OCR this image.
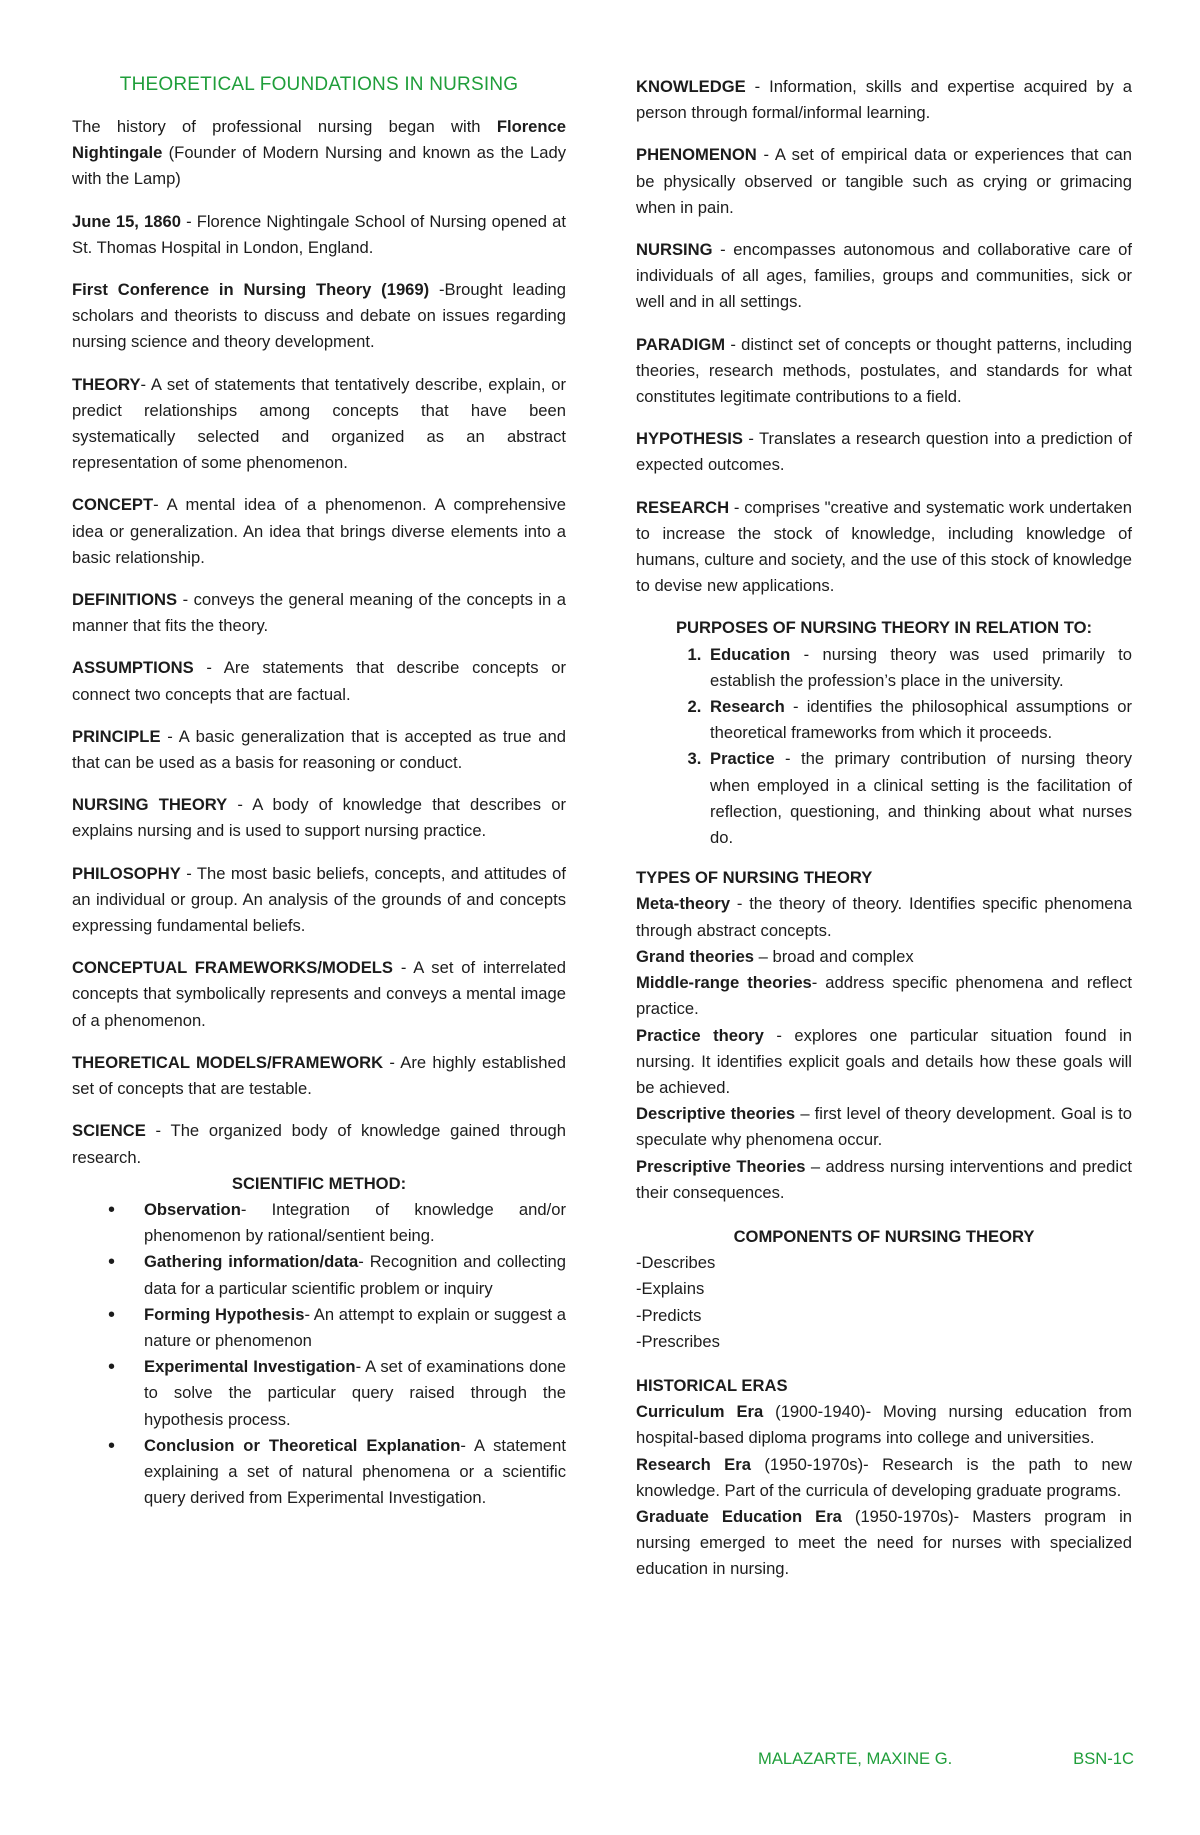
THEORETICAL FOUNDATIONS IN NURSING

The history of professional nursing began with Florence Nightingale (Founder of Modern Nursing and known as the Lady with the Lamp)

June 15, 1860 - Florence Nightingale School of Nursing opened at St. Thomas Hospital in London, England.

First Conference in Nursing Theory (1969) -Brought leading scholars and theorists to discuss and debate on issues regarding nursing science and theory development.

THEORY- A set of statements that tentatively describe, explain, or predict relationships among concepts that have been systematically selected and organized as an abstract representation of some phenomenon.

CONCEPT- A mental idea of a phenomenon. A comprehensive idea or generalization. An idea that brings diverse elements into a basic relationship.

DEFINITIONS - conveys the general meaning of the concepts in a manner that fits the theory.

ASSUMPTIONS - Are statements that describe concepts or connect two concepts that are factual.

PRINCIPLE - A basic generalization that is accepted as true and that can be used as a basis for reasoning or conduct.

NURSING THEORY - A body of knowledge that describes or explains nursing and is used to support nursing practice.

PHILOSOPHY - The most basic beliefs, concepts, and attitudes of an individual or group. An analysis of the grounds of and concepts expressing fundamental beliefs.

CONCEPTUAL FRAMEWORKS/MODELS - A set of interrelated concepts that symbolically represents and conveys a mental image of a phenomenon.

THEORETICAL MODELS/FRAMEWORK - Are highly established set of concepts that are testable.

SCIENCE - The organized body of knowledge gained through research.

SCIENTIFIC METHOD:

• Observation- Integration of knowledge and/or phenomenon by rational/sentient being.
• Gathering information/data- Recognition and collecting data for a particular scientific problem or inquiry
• Forming Hypothesis- An attempt to explain or suggest a nature or phenomenon
• Experimental Investigation- A set of examinations done to solve the particular query raised through the hypothesis process.
• Conclusion or Theoretical Explanation- A statement explaining a set of natural phenomena or a scientific query derived from Experimental Investigation.

KNOWLEDGE - Information, skills and expertise acquired by a person through formal/informal learning.

PHENOMENON - A set of empirical data or experiences that can be physically observed or tangible such as crying or grimacing when in pain.

NURSING - encompasses autonomous and collaborative care of individuals of all ages, families, groups and communities, sick or well and in all settings.

PARADIGM - distinct set of concepts or thought patterns, including theories, research methods, postulates, and standards for what constitutes legitimate contributions to a field.

HYPOTHESIS - Translates a research question into a prediction of expected outcomes.

RESEARCH - comprises "creative and systematic work undertaken to increase the stock of knowledge, including knowledge of humans, culture and society, and the use of this stock of knowledge to devise new applications.

PURPOSES OF NURSING THEORY IN RELATION TO:

1. Education - nursing theory was used primarily to establish the profession’s place in the university.
2. Research - identifies the philosophical assumptions or theoretical frameworks from which it proceeds.
3. Practice - the primary contribution of nursing theory when employed in a clinical setting is the facilitation of reflection, questioning, and thinking about what nurses do.

TYPES OF NURSING THEORY

Meta-theory - the theory of theory. Identifies specific phenomena through abstract concepts.

Grand theories – broad and complex

Middle-range theories- address specific phenomena and reflect practice.

Practice theory - explores one particular situation found in nursing. It identifies explicit goals and details how these goals will be achieved.

Descriptive theories – first level of theory development. Goal is to speculate why phenomena occur.

Prescriptive Theories – address nursing interventions and predict their consequences.

COMPONENTS OF NURSING THEORY

-Describes

-Explains

-Predicts

-Prescribes

HISTORICAL ERAS

Curriculum Era (1900-1940)- Moving nursing education from hospital-based diploma programs into college and universities.

Research Era (1950-1970s)- Research is the path to new knowledge. Part of the curricula of developing graduate programs.

Graduate Education Era (1950-1970s)- Masters program in nursing emerged to meet the need for nurses with specialized education in nursing.

MALAZARTE, MAXINE G.	BSN-1C
